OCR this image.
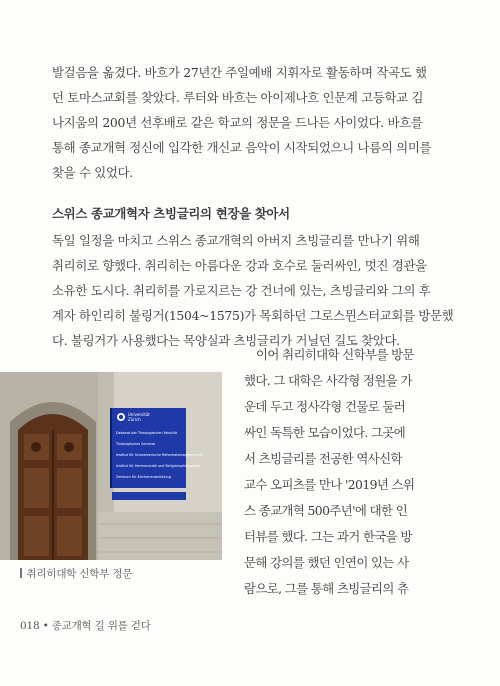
발걸음을 옮겼다. 바흐가 27년간 주일예배 지휘자로 활동하며 작곡도 했
던 토마스교회를 찾았다. 루터와 바흐는 아이제나흐 인문계 고등학교 김
나지움의 200년 선후배로 같은 학교의 정문을 드나든 사이었다. 바흐를
통해 종교개혁 정신에 입각한 개신교 음악이 시작되었으니 나름의 의미를
찾을 수 있었다.
스위스 종교개혁자 츠빙글리의 현장을 찾아서
독일 일정을 마치고 스위스 종교개혁의 아버지 츠빙글리를 만나기 위해
취리히로 향했다. 취리히는 아름다운 강과 호수로 둘러싸인, 멋진 경관을
소유한 도시다. 취리히를 가로지르는 강 건너에 있는, 츠빙글리와 그의 후
계자 하인리히 불링거(1504~1575)가 목회하던 그로스뮌스터교회를 방문했
다. 불링거가 사용했다는 목양실과 츠빙글리가 거닐던 길도 찾았다.
Universität
Zürich
Dekanat der Theologischen Fakultät
Theologisches Seminar
Institut für Schweizerische Reformationsgeschichte
Institut für Hermeneutik und Religionsphilosophie
Zentrum für Kirchenentwicklung
이어 취리히대학 신학부를 방문
했다. 그 대학은 사각형 정원을 가
운데 두고 정사각형 건물로 둘러
싸인 독특한 모습이었다. 그곳에
서 츠빙글리를 전공한 역사신학
교수 오피츠를 만나 '2019년 스위
스 종교개혁 500주년'에 대한 인
터뷰를 했다. 그는 과거 한국을 방
문해 강의를 했던 인연이 있는 사
람으로, 그를 통해 츠빙글리의 츄
취리히대학 신학부 정문
018 • 종교개혁 길 위를 걷다
